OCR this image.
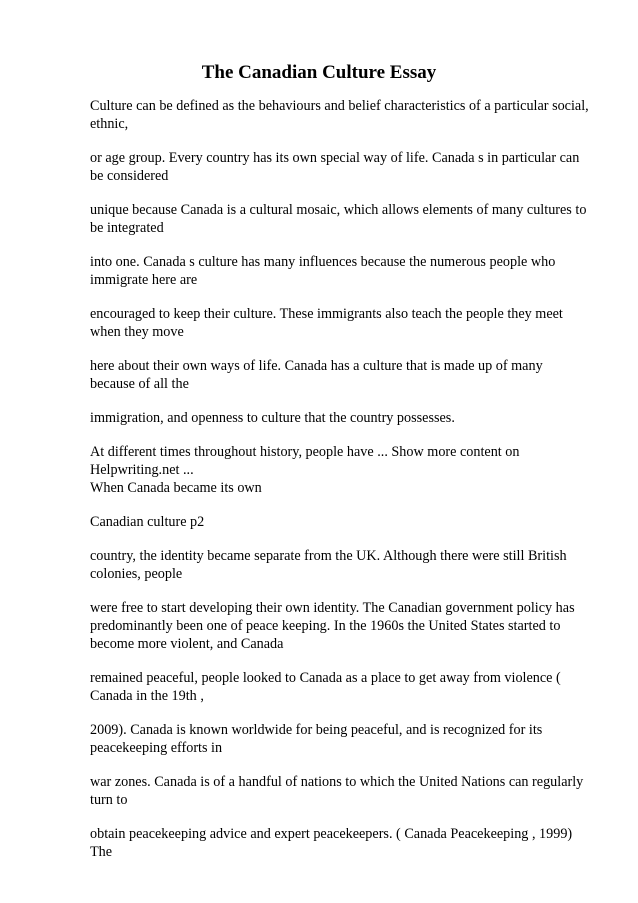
The Canadian Culture Essay

Culture can be defined as the behaviours and belief characteristics of a particular social, ethnic,

or age group. Every country has its own special way of life. Canada s in particular can be considered

unique because Canada is a cultural mosaic, which allows elements of many cultures to be integrated

into one. Canada s culture has many influences because the numerous people who immigrate here are

encouraged to keep their culture. These immigrants also teach the people they meet when they move

here about their own ways of life. Canada has a culture that is made up of many because of all the

immigration, and openness to culture that the country possesses.

At different times throughout history, people have ... Show more content on Helpwriting.net ...

When Canada became its own

Canadian culture p2

country, the identity became separate from the UK. Although there were still British colonies, people

were free to start developing their own identity. The Canadian government policy has predominantly been one of peace keeping. In the 1960s the United States started to become more violent, and Canada

remained peaceful, people looked to Canada as a place to get away from violence ( Canada in the 19th ,

2009). Canada is known worldwide for being peaceful, and is recognized for its peacekeeping efforts in

war zones. Canada is of a handful of nations to which the United Nations can regularly turn to

obtain peacekeeping advice and expert peacekeepers. ( Canada Peacekeeping , 1999) The
